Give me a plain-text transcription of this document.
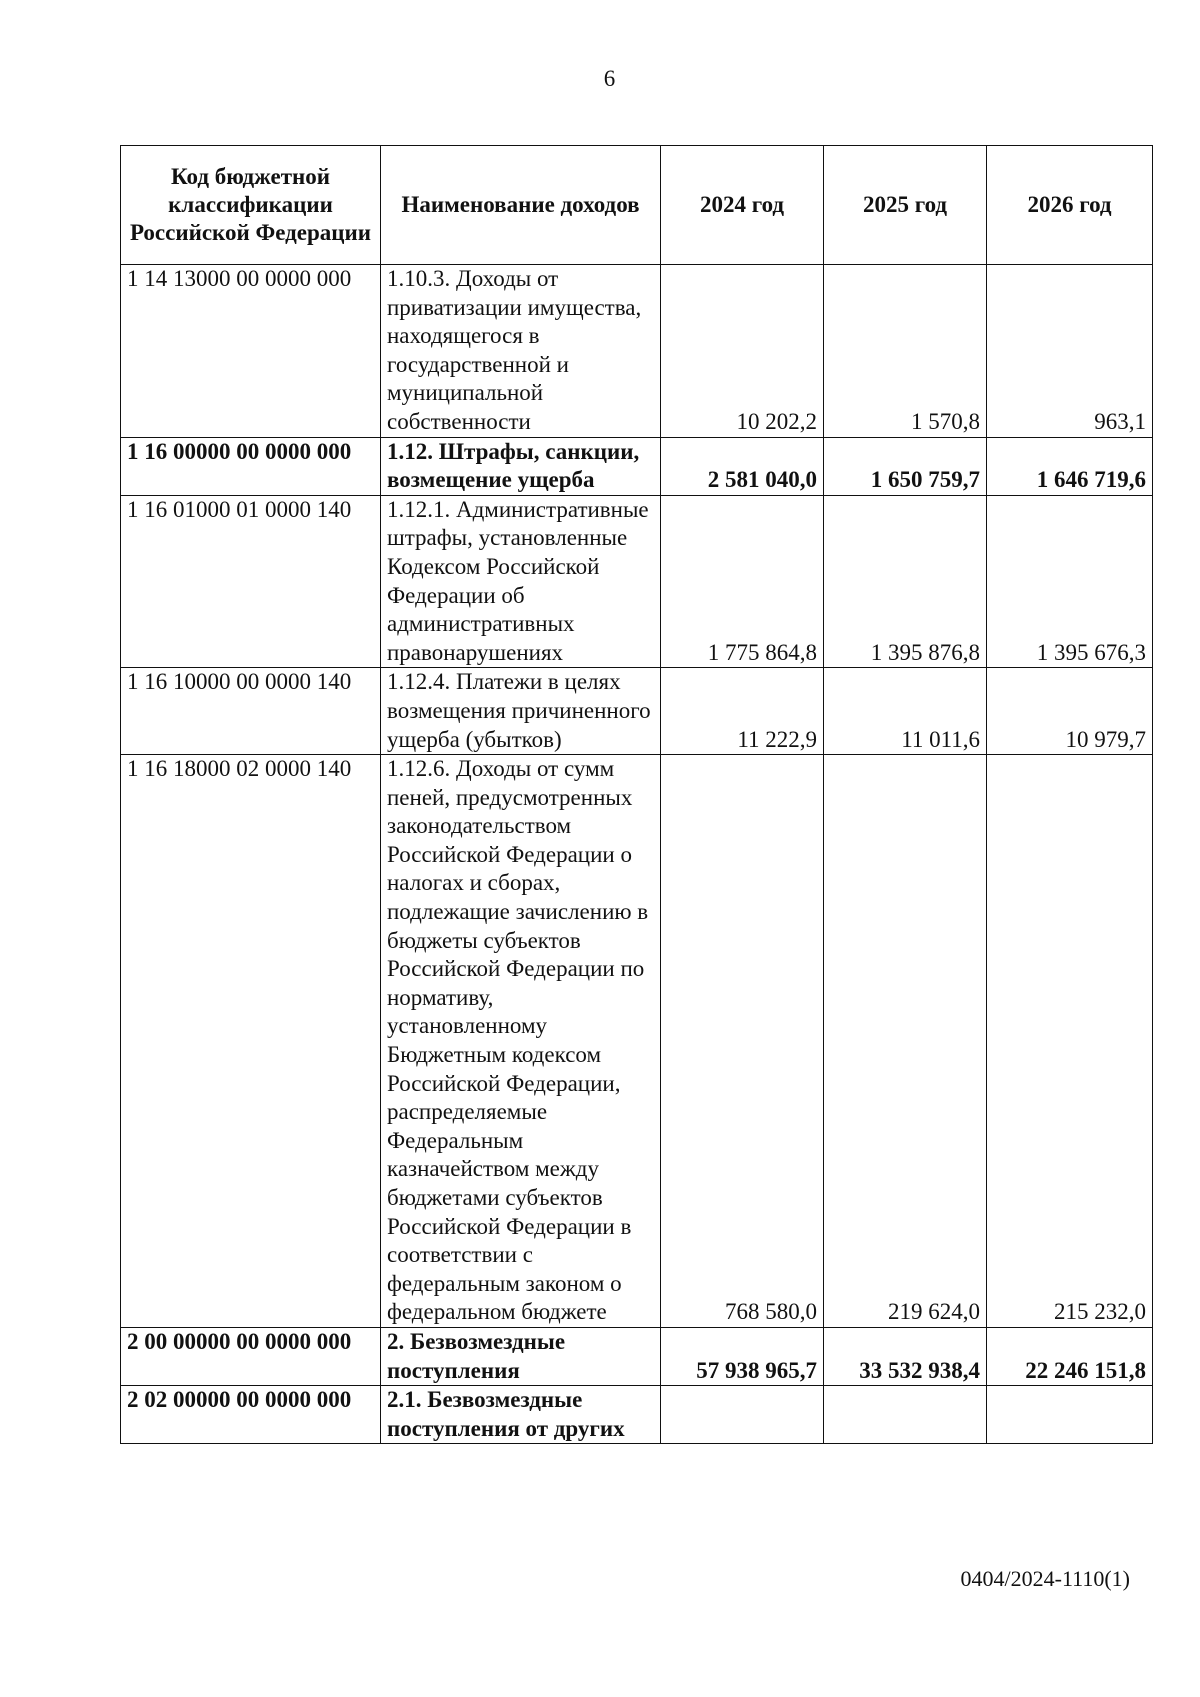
6
Код бюджетной классификации Российской Федерации	Наименование доходов	2024 год	2025 год	2026 год
1 14 13000 00 0000 000	1.10.3. Доходы от приватизации имущества, находящегося в государственной и муниципальной собственности	10 202,2	1 570,8	963,1
1 16 00000 00 0000 000	1.12. Штрафы, санкции, возмещение ущерба	2 581 040,0	1 650 759,7	1 646 719,6
1 16 01000 01 0000 140	1.12.1. Административные штрафы, установленные Кодексом Российской Федерации об административных правонарушениях	1 775 864,8	1 395 876,8	1 395 676,3
1 16 10000 00 0000 140	1.12.4. Платежи в целях возмещения причиненного ущерба (убытков)	11 222,9	11 011,6	10 979,7
1 16 18000 02 0000 140	1.12.6. Доходы от сумм пеней, предусмотренных законодательством Российской Федерации о налогах и сборах, подлежащие зачислению в бюджеты субъектов Российской Федерации по нормативу, установленному Бюджетным кодексом Российской Федерации, распределяемые Федеральным казначейством между бюджетами субъектов Российской Федерации в соответствии с федеральным законом о федеральном бюджете	768 580,0	219 624,0	215 232,0
2 00 00000 00 0000 000	2. Безвозмездные поступления	57 938 965,7	33 532 938,4	22 246 151,8
2 02 00000 00 0000 000	2.1. Безвозмездные поступления от других			
0404/2024-1110(1)
